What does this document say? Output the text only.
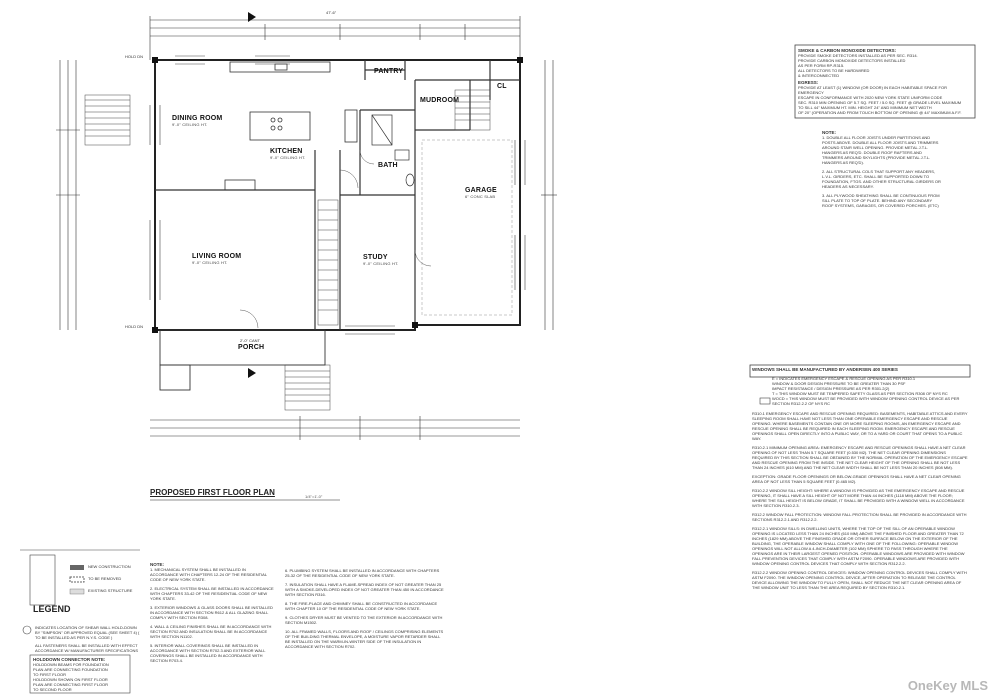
PANTRY
MUDROOM
CL
DINING ROOM
9'-0" CEILING HT.
KITCHEN
9'-0" CEILING HT.
BATH
GARAGE
6" CONC SLAB
LIVING ROOM
9'-0" CEILING HT.
STUDY
9'-0" CEILING HT.
PORCH
HOLD DN
HOLD DN
2'-0" CANT
47'-6"
PROPOSED FIRST FLOOR PLAN	1/4"=1'-0"
SMOKE & CARBON MONOXIDE DETECTORS:
PROVIDE SMOKE DETECTORS INSTALLED AS PER SEC. R314.
PROVIDE CARBON MONOXIDE DETECTORS INSTALLED
AS PER FORM RP-R315.
ALL DETECTORS TO BE HARDWIRED
& INTERCONNECTED
EGRESS:
PROVIDE AT LEAST (1) WINDOW (OR DOOR) IN EACH HABITABLE SPACE FOR EMERGENCY
ESCAPE IN CONFORMANCE WITH 2020 NEW YORK STATE UNIFORM CODE
SEC. R310 MIN OPENING OF 5.7 SQ. FEET / 5.0 SQ. FEET @ GRADE LEVEL MAXIMUM
TO SILL 44" MAXIMUM HT. MIN. HEIGHT 24" AND MINIMUM NET WIDTH
OF 20" (OPERATION AND FROM TOUCH BOTTOM OF OPENING @ 44" MAXIMUM A.F.F.
NOTE:

1. DOUBLE ALL FLOOR JOISTS UNDER PARTITIONS AND POSTS ABOVE. DOUBLE ALL FLOOR JOISTS AND TRIMMERS AROUND STAIR WELL OPENING. PROVIDE METAL J.T.L. HANGERS AS REQ'D. DOUBLE ROOF RAFTERS AND TRIMMERS AROUND SKYLIGHTS (PROVIDE METAL J.T.L. HANGERS AS REQ'D).

2. ALL STRUCTURAL COLS THAT SUPPORT ANY HEADERS, L.V.L. GIRDERS, ETC. SHALL BE SUPPORTED DOWN TO FOUNDATION, FTGS. AND OTHER STRUCTURAL GIRDERS OR HEADERS AS NECESSARY.

3. ALL PLYWOOD SHEATHING SHALL BE CONTINUOUS FROM SILL PLATE TO TOP OF PLATE. BEHIND ANY SECONDARY ROOF SYSTEMS, GARAGES, OR COVERED PORCHES. (ETC)

WINDOWS SHALL BE MANUFACTURED BY ANDERSEN 400 SERIES
E = INDICATES EMERGENCY ESCAPE & RESCUE OPENING AS PER R310.1
WINDOW & DOOR DESIGN PRESSURE TO BE GREATER THAN 30 PSF
IMPACT RESISTANCE / DESIGN PRESSURE AS PER R301.2(2)
T = THIS WINDOW MUST BE TEMPERED SAFETY GLASS AS PER SECTION R308 OF NYS RC
WOCD = THIS WINDOW MUST BE PROVIDED WITH WINDOW OPENING CONTROL DEVICE AS PER SECTION R312.2.2 OF NYS RC

R310.1 EMERGENCY ESCAPE AND RESCUE OPENING REQUIRED: BASEMENTS, HABITABLE ATTICS AND EVERY SLEEPING ROOM SHALL HAVE NOT LESS THAN ONE OPERABLE EMERGENCY ESCAPE AND RESCUE OPENING. WHERE BASEMENTS CONTAIN ONE OR MORE SLEEPING ROOMS, AN EMERGENCY ESCAPE AND RESCUE OPENING SHALL BE REQUIRED IN EACH SLEEPING ROOM. EMERGENCY ESCAPE AND RESCUE OPENINGS SHALL OPEN DIRECTLY INTO A PUBLIC WAY, OR TO A YARD OR COURT THAT OPENS TO A PUBLIC WAY.

R310.2.1 MINIMUM OPENING AREA: EMERGENCY ESCAPE AND RESCUE OPENINGS SHALL HAVE A NET CLEAR OPENING OF NOT LESS THAN 5.7 SQUARE FEET (0.530 M2). THE NET CLEAR OPENING DIMENSIONS REQUIRED BY THIS SECTION SHALL BE OBTAINED BY THE NORMAL OPERATION OF THE EMERGENCY ESCAPE AND RESCUE OPENING FROM THE INSIDE. THE NET CLEAR HEIGHT OF THE OPENING SHALL BE NOT LESS THAN 24 INCHES (610 MM) AND THE NET CLEAR WIDTH SHALL BE NOT LESS THAN 20 INCHES (508 MM).

EXCEPTION: GRADE FLOOR OPENINGS OR BELOW-GRADE OPENINGS SHALL HAVE A NET CLEAR OPENING AREA OF NOT LESS THAN 5 SQUARE FEET (0.465 M2).

R310.2.2 WINDOW SILL HEIGHT: WHERE A WINDOW IS PROVIDED AS THE EMERGENCY ESCAPE AND RESCUE OPENING, IT SHALL HAVE A SILL HEIGHT OF NOT MORE THAN 44 INCHES (1118 MM) ABOVE THE FLOOR; WHERE THE SILL HEIGHT IS BELOW GRADE, IT SHALL BE PROVIDED WITH A WINDOW WELL IN ACCORDANCE WITH SECTION R310.2.3.

R312.2 WINDOW FALL PROTECTION: WINDOW FALL PROTECTION SHALL BE PROVIDED IN ACCORDANCE WITH SECTIONS R312.2.1 AND R312.2.2.

R312.2.1 WINDOW SILLS: IN DWELLING UNITS, WHERE THE TOP OF THE SILL OF AN OPERABLE WINDOW OPENING IS LOCATED LESS THAN 24 INCHES (610 MM) ABOVE THE FINISHED FLOOR AND GREATER THAN 72 INCHES (1829 MM) ABOVE THE FINISHED GRADE OR OTHER SURFACE BELOW ON THE EXTERIOR OF THE BUILDING, THE OPERABLE WINDOW SHALL COMPLY WITH ONE OF THE FOLLOWING: OPERABLE WINDOW OPENINGS WILL NOT ALLOW A 4-INCH-DIAMETER (102 MM) SPHERE TO PASS THROUGH WHERE THE OPENINGS ARE IN THEIR LARGEST OPENED POSITION. OPERABLE WINDOWS ARE PROVIDED WITH WINDOW FALL PREVENTION DEVICES THAT COMPLY WITH ASTM F2090. OPERABLE WINDOWS ARE PROVIDED WITH WINDOW OPENING CONTROL DEVICES THAT COMPLY WITH SECTION R312.2.2.

R312.2.2 WINDOW OPENING CONTROL DEVICES: WINDOW OPENING CONTROL DEVICES SHALL COMPLY WITH ASTM F2090. THE WINDOW OPENING CONTROL DEVICE, AFTER OPERATION TO RELEASE THE CONTROL DEVICE ALLOWING THE WINDOW TO FULLY OPEN, SHALL NOT REDUCE THE NET CLEAR OPENING AREA OF THE WINDOW UNIT TO LESS THAN THE AREA REQUIRED BY SECTION R310.2.1.

NOTE:

1. MECHANICAL SYSTEM SHALL BE INSTALLED IN ACCORDANCE WITH CHAPTERS 12-24 OF THE RESIDENTIAL CODE OF NEW YORK STATE.

2. ELECTRICAL SYSTEM SHALL BE INSTALLED IN ACCORDANCE WITH CHAPTERS 33-42 OF THE RESIDENTIAL CODE OF NEW YORK STATE.

3. EXTERIOR WINDOWS & GLASS DOORS SHALL BE INSTALLED IN ACCORDANCE WITH SECTION R612 & ALL GLAZING SHALL COMPLY WITH SECTION R308.

4. WALL & CEILING FINISHES SHALL BE IN ACCORDANCE WITH SECTION R702 AND INSULATION SHALL BE IN ACCORDANCE WITH SECTION N1102.

5. INTERIOR WALL COVERINGS SHALL BE INSTALLED IN ACCORDANCE WITH SECTION R702.3 AND EXTERIOR WALL COVERINGS SHALL BE INSTALLED IN ACCORDANCE WITH SECTION R703.4.

6. PLUMBING SYSTEM SHALL BE INSTALLED IN ACCORDANCE WITH CHAPTERS 25-32 OF THE RESIDENTIAL CODE OF NEW YORK STATE.

7. INSULATION SHALL HAVE A FLAME-SPREAD INDEX OF NOT GREATER THAN 25 WITH A SMOKE-DEVELOPED INDEX OF NOT GREATER THAN 450 IN ACCORDANCE WITH SECTION R316.

8. THE FIRE-PLACE AND CHIMNEY SHALL BE CONSTRUCTED IN ACCORDANCE WITH CHAPTER 10 OF THE RESIDENTIAL CODE OF NEW YORK STATE.

9. CLOTHES DRYER MUST BE VENTED TO THE EXTERIOR IN ACCORDANCE WITH SECTION M1502.

10. ALL FRAMED WALLS, FLOORS AND ROOF / CEILINGS COMPRISING ELEMENTS OF THE BUILDING THERMAL ENVELOPE, A MOISTURE VAPOR RETARDER SHALL BE INSTALLED ON THE WARM-IN-WINTER SIDE OF THE INSULATION IN ACCORDANCE WITH SECTION R702.

NEW CONSTRUCTION
TO BE REMOVED
EXISTING STRUCTURE
LEGEND
INDICATES LOCATION OF SHEAR WALL HOLD-DOWN BY "SIMPSON" OR APPROVED EQUAL (SEE SHEET 4) ( TO BE INSTALLED AS PER N.Y.S. CODE )
ALL FASTENERS SHALL BE INSTALLED WITH EFFECT ACCORDANCE W/ MANUFACTURER SPECIFICATIONS
HOLDDOWN CONNECTOR NOTE:
HOLDDOWN BEAMS FOR FOUNDATION
PLAN ARE CONNECTING FOUNDATION
TO FIRST FLOOR
HOLDDOWN SHOWN ON FIRST FLOOR
PLAN ARE CONNECTING FIRST FLOOR
TO SECOND FLOOR	OneKey MLS
